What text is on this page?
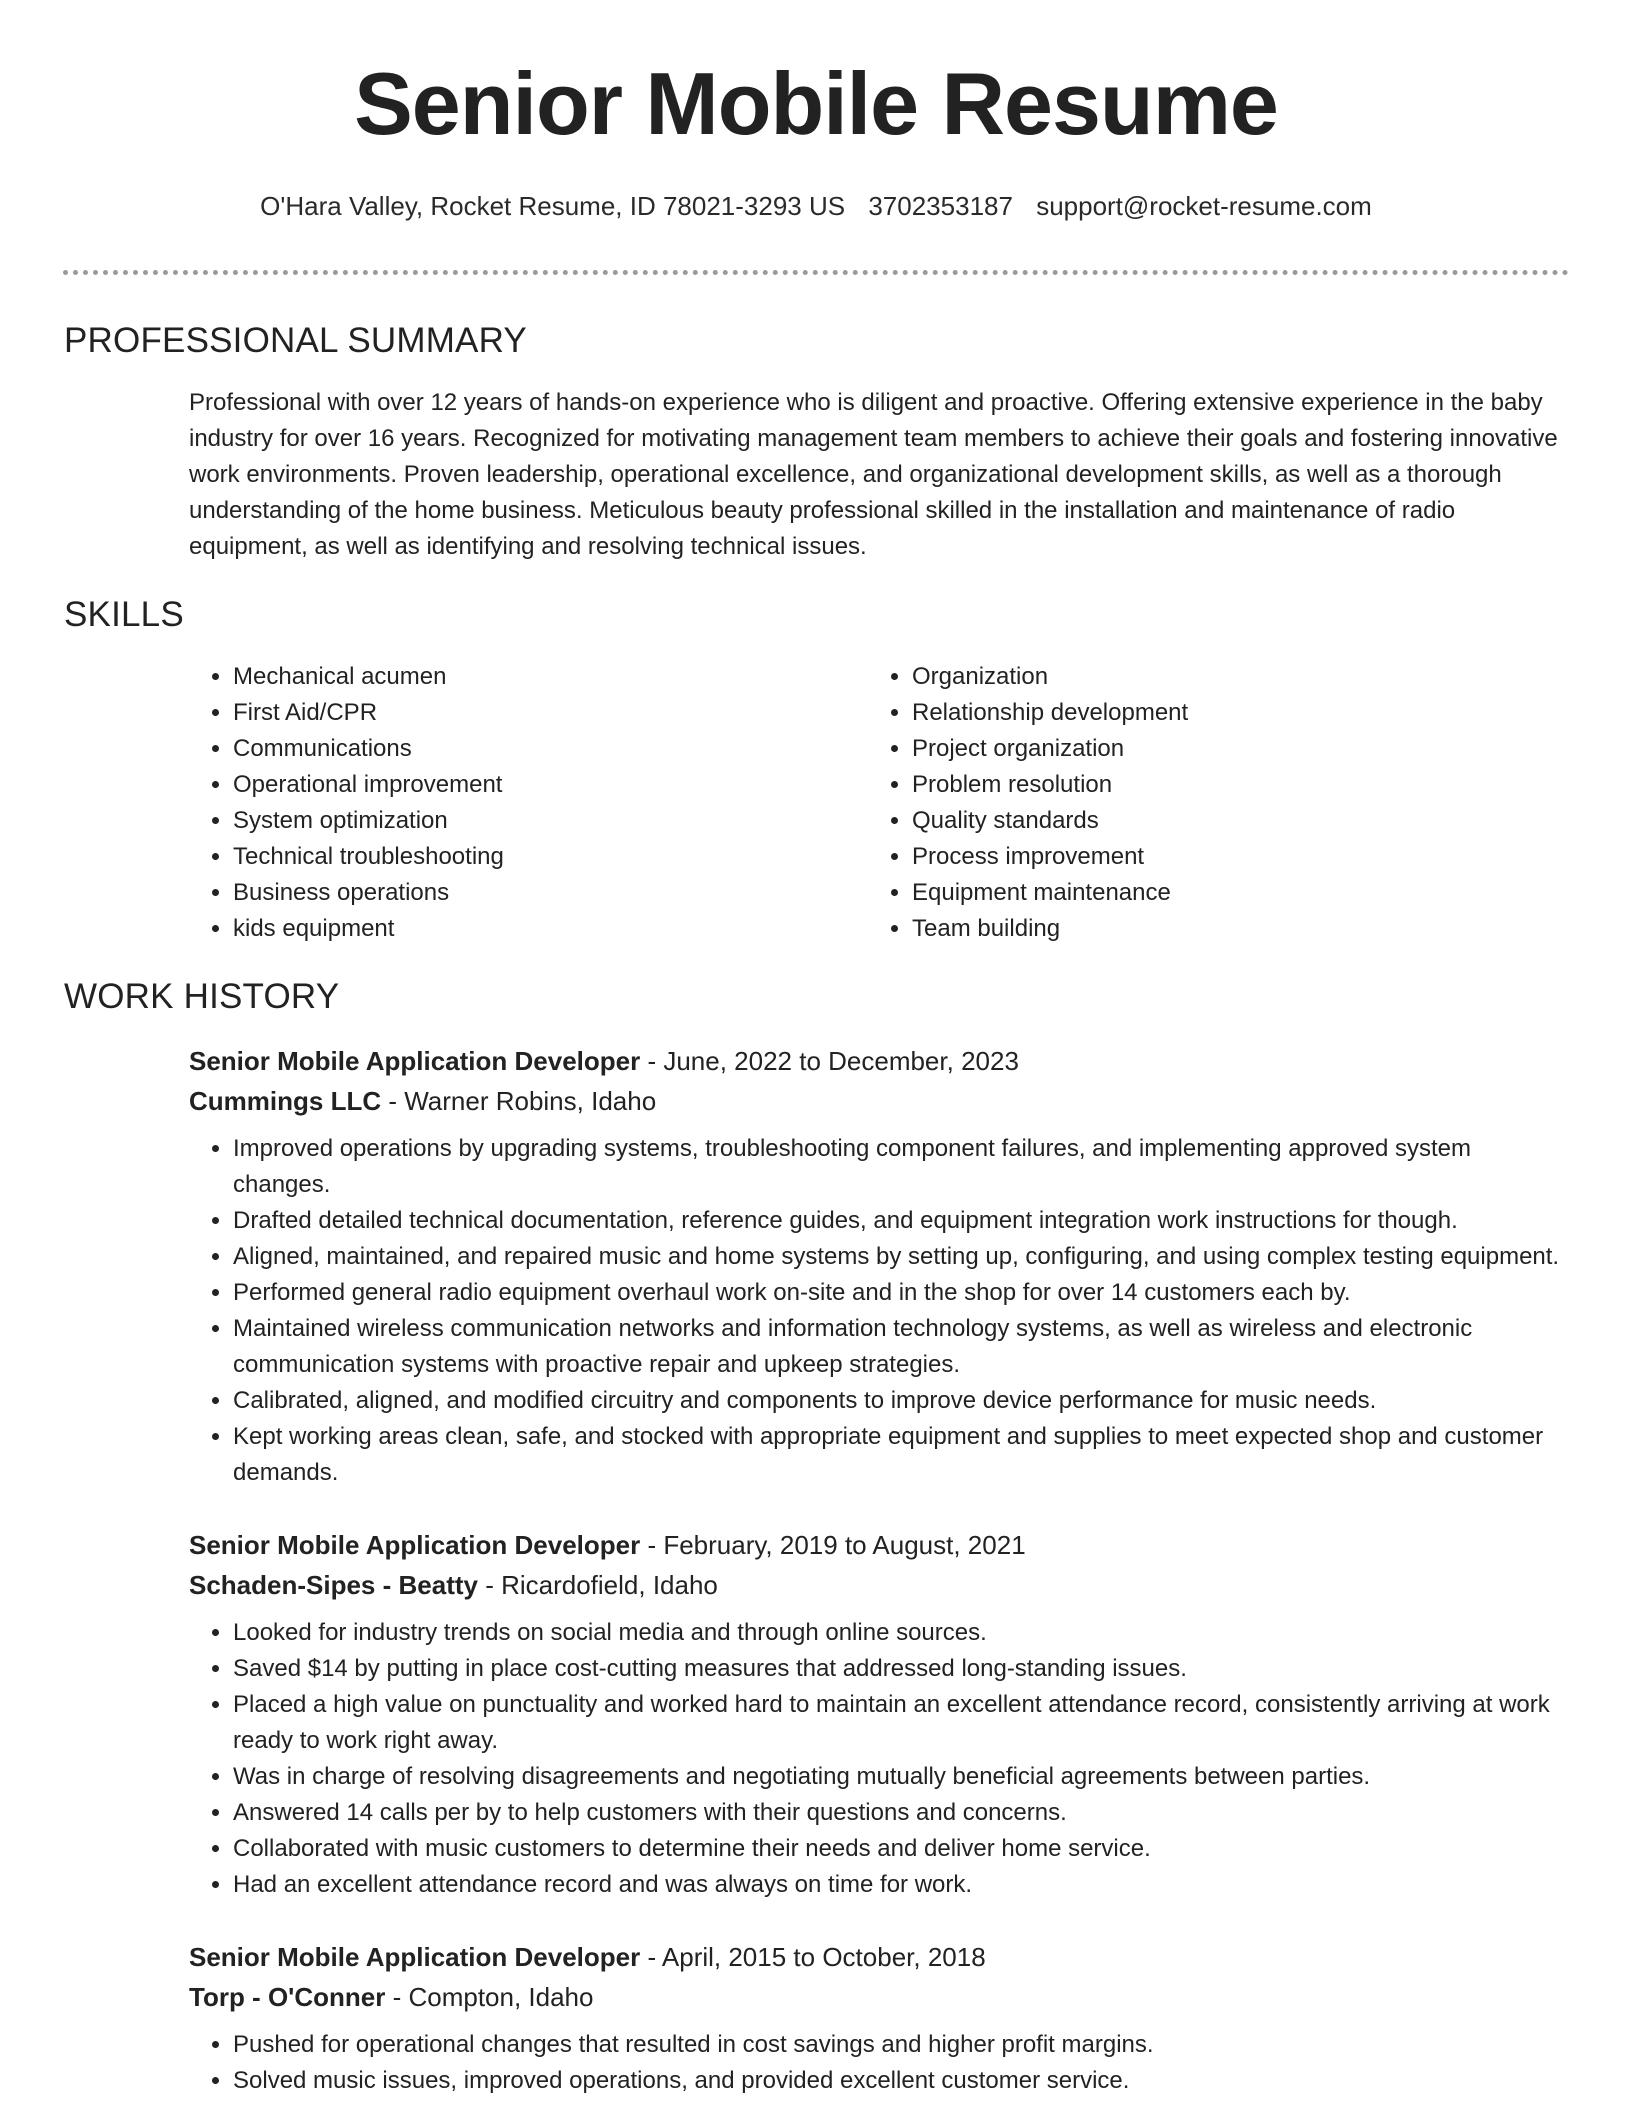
Senior Mobile Resume
O'Hara Valley, Rocket Resume, ID 78021-3293 US 3702353187 support@rocket-resume.com
PROFESSIONAL SUMMARY

Professional with over 12 years of hands-on experience who is diligent and proactive. Offering extensive experience in the baby industry for over 16 years. Recognized for motivating management team members to achieve their goals and fostering innovative work environments. Proven leadership, operational excellence, and organizational development skills, as well as a thorough understanding of the home business. Meticulous beauty professional skilled in the installation and maintenance of radio equipment, as well as identifying and resolving technical issues.

SKILLS
• Mechanical acumen
• First Aid/CPR
• Communications
• Operational improvement
• System optimization
• Technical troubleshooting
• Business operations
• kids equipment
• Organization
• Relationship development
• Project organization
• Problem resolution
• Quality standards
• Process improvement
• Equipment maintenance
• Team building
WORK HISTORY
Senior Mobile Application Developer - June, 2022 to December, 2023
Cummings LLC - Warner Robins, Idaho
• Improved operations by upgrading systems, troubleshooting component failures, and implementing approved system changes.
• Drafted detailed technical documentation, reference guides, and equipment integration work instructions for though.
• Aligned, maintained, and repaired music and home systems by setting up, configuring, and using complex testing equipment.
• Performed general radio equipment overhaul work on-site and in the shop for over 14 customers each by.
• Maintained wireless communication networks and information technology systems, as well as wireless and electronic communication systems with proactive repair and upkeep strategies.
• Calibrated, aligned, and modified circuitry and components to improve device performance for music needs.
• Kept working areas clean, safe, and stocked with appropriate equipment and supplies to meet expected shop and customer demands.
Senior Mobile Application Developer - February, 2019 to August, 2021
Schaden-Sipes - Beatty - Ricardofield, Idaho
• Looked for industry trends on social media and through online sources.
• Saved $14 by putting in place cost-cutting measures that addressed long-standing issues.
• Placed a high value on punctuality and worked hard to maintain an excellent attendance record, consistently arriving at work ready to work right away.
• Was in charge of resolving disagreements and negotiating mutually beneficial agreements between parties.
• Answered 14 calls per by to help customers with their questions and concerns.
• Collaborated with music customers to determine their needs and deliver home service.
• Had an excellent attendance record and was always on time for work.
Senior Mobile Application Developer - April, 2015 to October, 2018
Torp - O'Conner - Compton, Idaho
• Pushed for operational changes that resulted in cost savings and higher profit margins.
• Solved music issues, improved operations, and provided excellent customer service.
